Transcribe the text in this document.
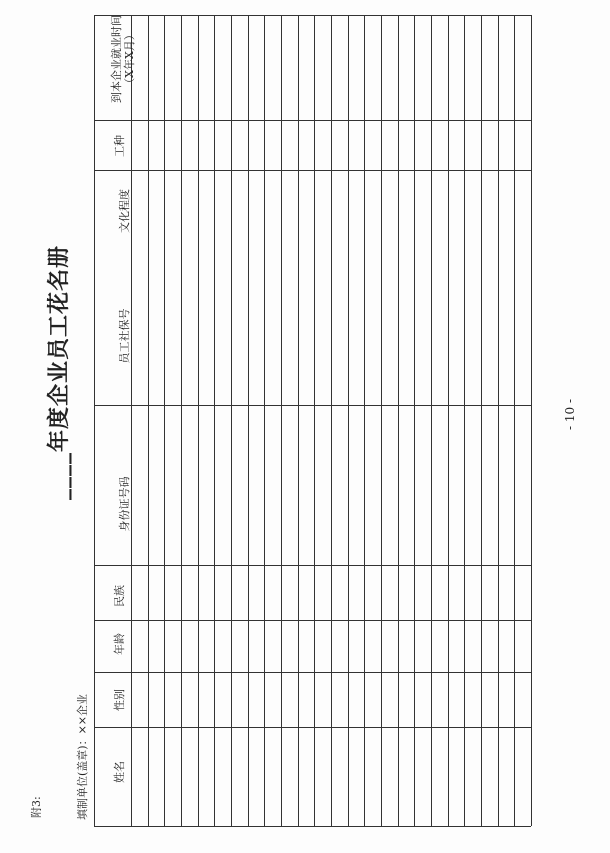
附3:	填制单位(盖章)：××企业
____年度企业员工花名册	- 10 -
姓名
性别
年龄
民族
身份证号码
员工社保号
文化程度
工种
到本企业就业时间 （X年X月）
